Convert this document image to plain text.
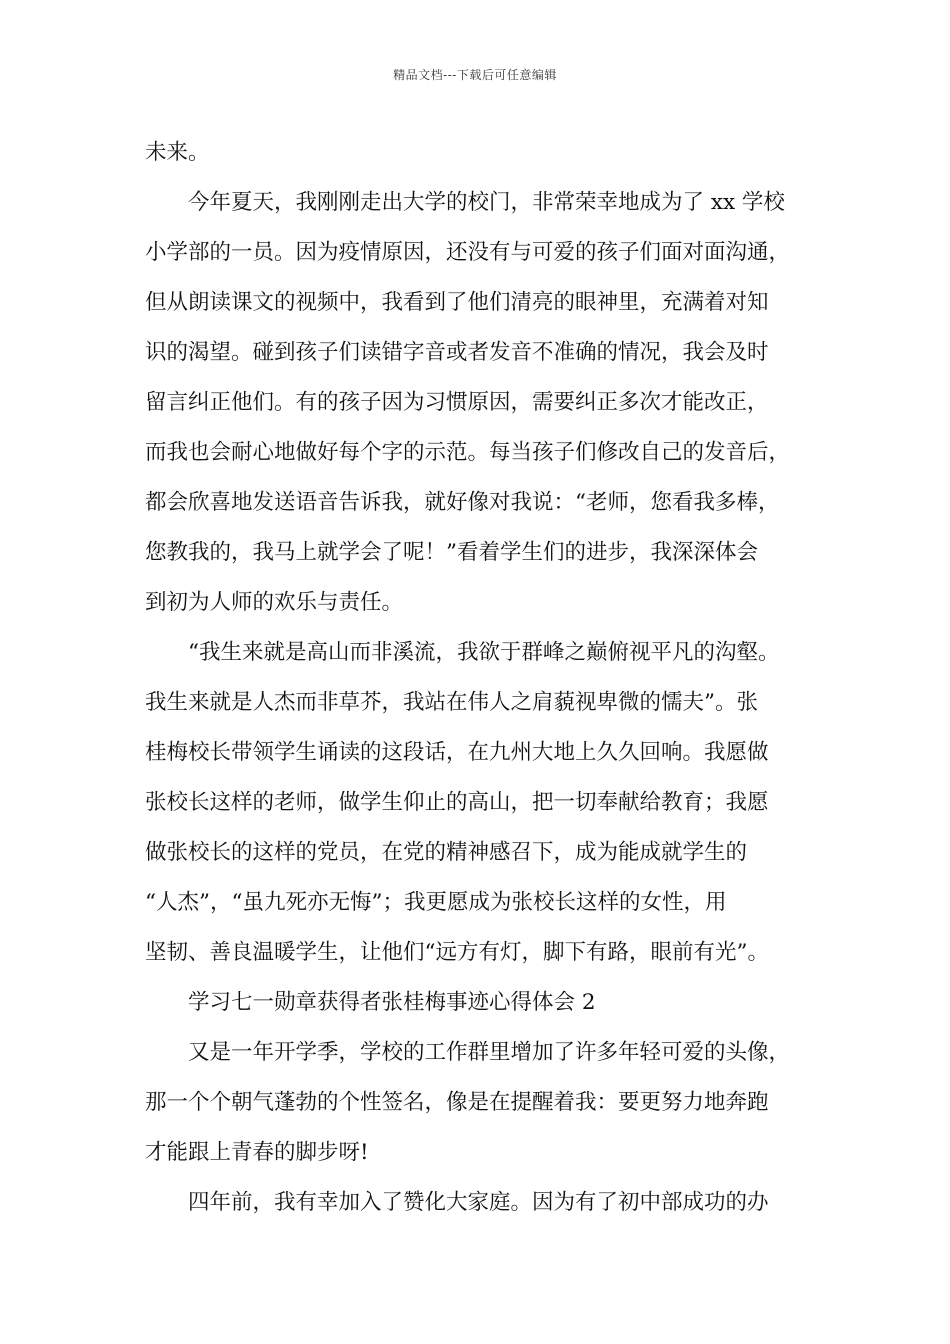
精品文档---下载后可任意编辑
未来。
　　今年夏天，我刚刚走出大学的校门，非常荣幸地成为了 xx 学校
小学部的一员。因为疫情原因，还没有与可爱的孩子们面对面沟通，
但从朗读课文的视频中，我看到了他们清亮的眼神里，充满着对知
识的渴望。碰到孩子们读错字音或者发音不准确的情况，我会及时
留言纠正他们。有的孩子因为习惯原因，需要纠正多次才能改正，
而我也会耐心地做好每个字的示范。每当孩子们修改自己的发音后，
都会欣喜地发送语音告诉我，就好像对我说：“老师，您看我多棒，
您教我的，我马上就学会了呢！”看着学生们的进步，我深深体会
到初为人师的欢乐与责任。
　　“我生来就是高山而非溪流，我欲于群峰之巅俯视平凡的沟壑。
我生来就是人杰而非草芥，我站在伟人之肩藐视卑微的懦夫”。张
桂梅校长带领学生诵读的这段话，在九州大地上久久回响。我愿做
张校长这样的老师，做学生仰止的高山，把一切奉献给教育；我愿
做张校长的这样的党员，在党的精神感召下，成为能成就学生的
“人杰”，“虽九死亦无悔”；我更愿成为张校长这样的女性，用
坚韧、善良温暖学生，让他们“远方有灯，脚下有路，眼前有光”。
　　学习七一勋章获得者张桂梅事迹心得体会 2
　　又是一年开学季，学校的工作群里增加了许多年轻可爱的头像，
那一个个朝气蓬勃的个性签名，像是在提醒着我：要更努力地奔跑
才能跟上青春的脚步呀!
　　四年前，我有幸加入了赞化大家庭。因为有了初中部成功的办
